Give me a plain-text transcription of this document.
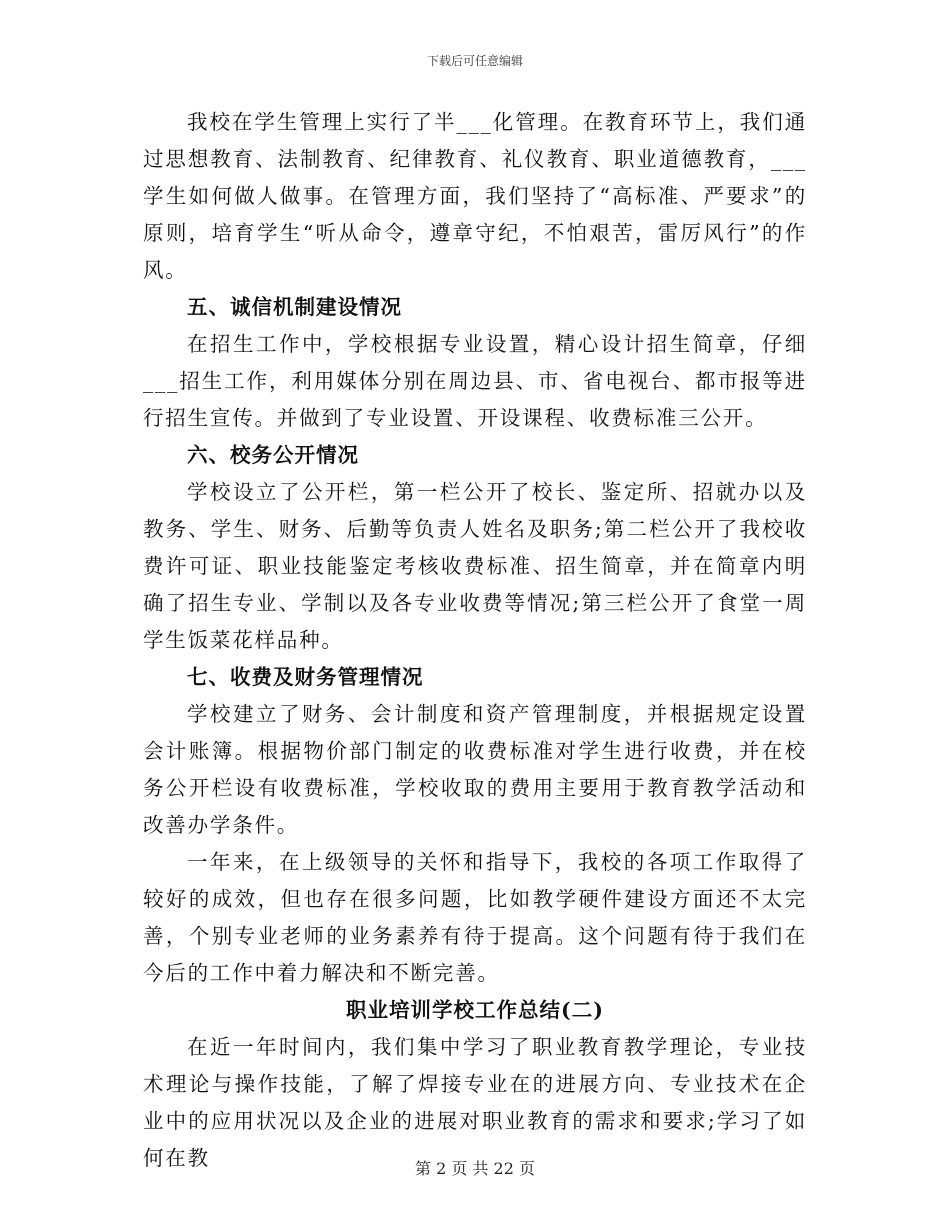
下载后可任意编辑

我校在学生管理上实行了半___化管理。在教育环节上，我们通过思想教育、法制教育、纪律教育、礼仪教育、职业道德教育，___学生如何做人做事。在管理方面，我们坚持了“高标准、严要求”的原则，培育学生“听从命令，遵章守纪，不怕艰苦，雷厉风行”的作风。

五、诚信机制建设情况

在招生工作中，学校根据专业设置，精心设计招生简章，仔细___招生工作，利用媒体分别在周边县、市、省电视台、都市报等进行招生宣传。并做到了专业设置、开设课程、收费标准三公开。

六、校务公开情况

学校设立了公开栏，第一栏公开了校长、鉴定所、招就办以及教务、学生、财务、后勤等负责人姓名及职务;第二栏公开了我校收费许可证、职业技能鉴定考核收费标准、招生简章，并在简章内明确了招生专业、学制以及各专业收费等情况;第三栏公开了食堂一周学生饭菜花样品种。

七、收费及财务管理情况

学校建立了财务、会计制度和资产管理制度，并根据规定设置会计账簿。根据物价部门制定的收费标准对学生进行收费，并在校务公开栏设有收费标准，学校收取的费用主要用于教育教学活动和改善办学条件。

一年来，在上级领导的关怀和指导下，我校的各项工作取得了较好的成效，但也存在很多问题，比如教学硬件建设方面还不太完善，个别专业老师的业务素养有待于提高。这个问题有待于我们在今后的工作中着力解决和不断完善。

职业培训学校工作总结(二)

在近一年时间内，我们集中学习了职业教育教学理论，专业技术理论与操作技能，了解了焊接专业在的进展方向、专业技术在企业中的应用状况以及企业的进展对职业教育的需求和要求;学习了如何在教	第 2 页 共 22 页
